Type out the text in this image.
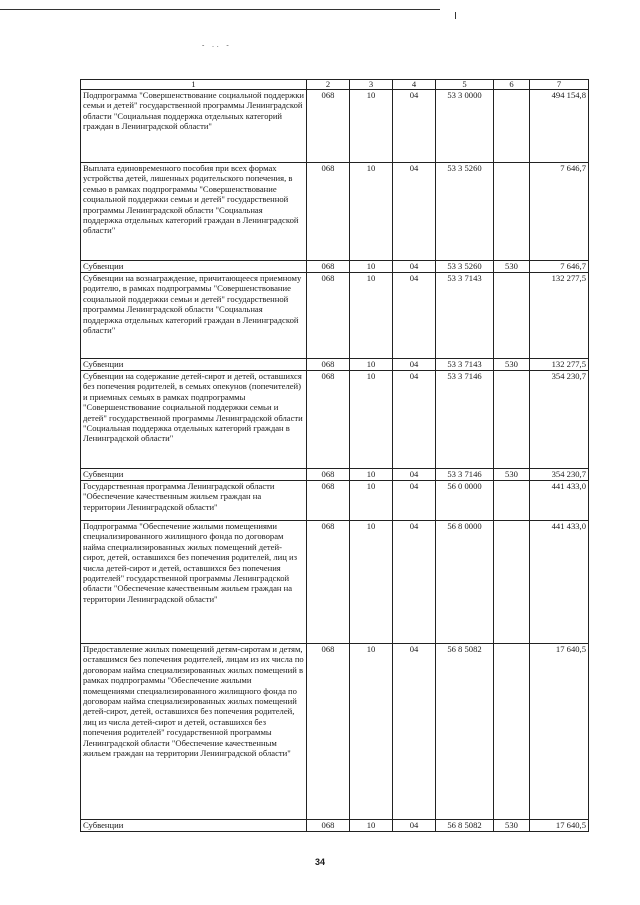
- .. -
1	2	3	4	5	6	7
Подпрограмма "Совершенствование социальной поддержки семьи и детей" государственной программы Ленинградской области "Социальная поддержка отдельных категорий граждан в Ленинградской области"	068	10	04	53 3 0000		494 154,8
Выплата единовременного пособия при всех формах устройства детей, лишенных родительского попечения, в семью в рамках подпрограммы "Совершенствование социальной поддержки семьи и детей" государственной программы Ленинградской области "Социальная поддержка отдельных категорий граждан в Ленинградской области"	068	10	04	53 3 5260		7 646,7
Субвенции	068	10	04	53 3 5260	530	7 646,7
Субвенции на вознаграждение, причитающееся приемному родителю, в рамках подпрограммы "Совершенствование социальной поддержки семьи и детей" государственной программы Ленинградской области "Социальная поддержка отдельных категорий граждан в Ленинградской области"	068	10	04	53 3 7143		132 277,5
Субвенции	068	10	04	53 3 7143	530	132 277,5
Субвенции на содержание детей-сирот и детей, оставшихся без попечения родителей, в семьях опекунов (попечителей) и приемных семьях в рамках подпрограммы "Совершенствование социальной поддержки семьи и детей" государственной программы Ленинградской области "Социальная поддержка отдельных категорий граждан в Ленинградской области"	068	10	04	53 3 7146		354 230,7
Субвенции	068	10	04	53 3 7146	530	354 230,7
Государственная программа Ленинградской области "Обеспечение качественным жильем граждан на территории Ленинградской области"	068	10	04	56 0 0000		441 433,0
Подпрограмма "Обеспечение жилыми помещениями специализированного жилищного фонда по договорам найма специализированных жилых помещений детей-сирот, детей, оставшихся без попечения родителей, лиц из числа детей-сирот и детей, оставшихся без попечения родителей" государственной программы Ленинградской области "Обеспечение качественным жильем граждан на территории Ленинградской области"	068	10	04	56 8 0000		441 433,0
Предоставление жилых помещений детям-сиротам и детям, оставшимся без попечения родителей, лицам из их числа по договорам найма специализированных жилых помещений в рамках подпрограммы "Обеспечение жилыми помещениями специализированного жилищного фонда по договорам найма специализированных жилых помещений детей-сирот, детей, оставшихся без попечения родителей, лиц из числа детей-сирот и детей, оставшихся без попечения родителей" государственной программы Ленинградской области "Обеспечение качественным жильем граждан на территории Ленинградской области"	068	10	04	56 8 5082		17 640,5
Субвенции	068	10	04	56 8 5082	530	17 640,5
34
